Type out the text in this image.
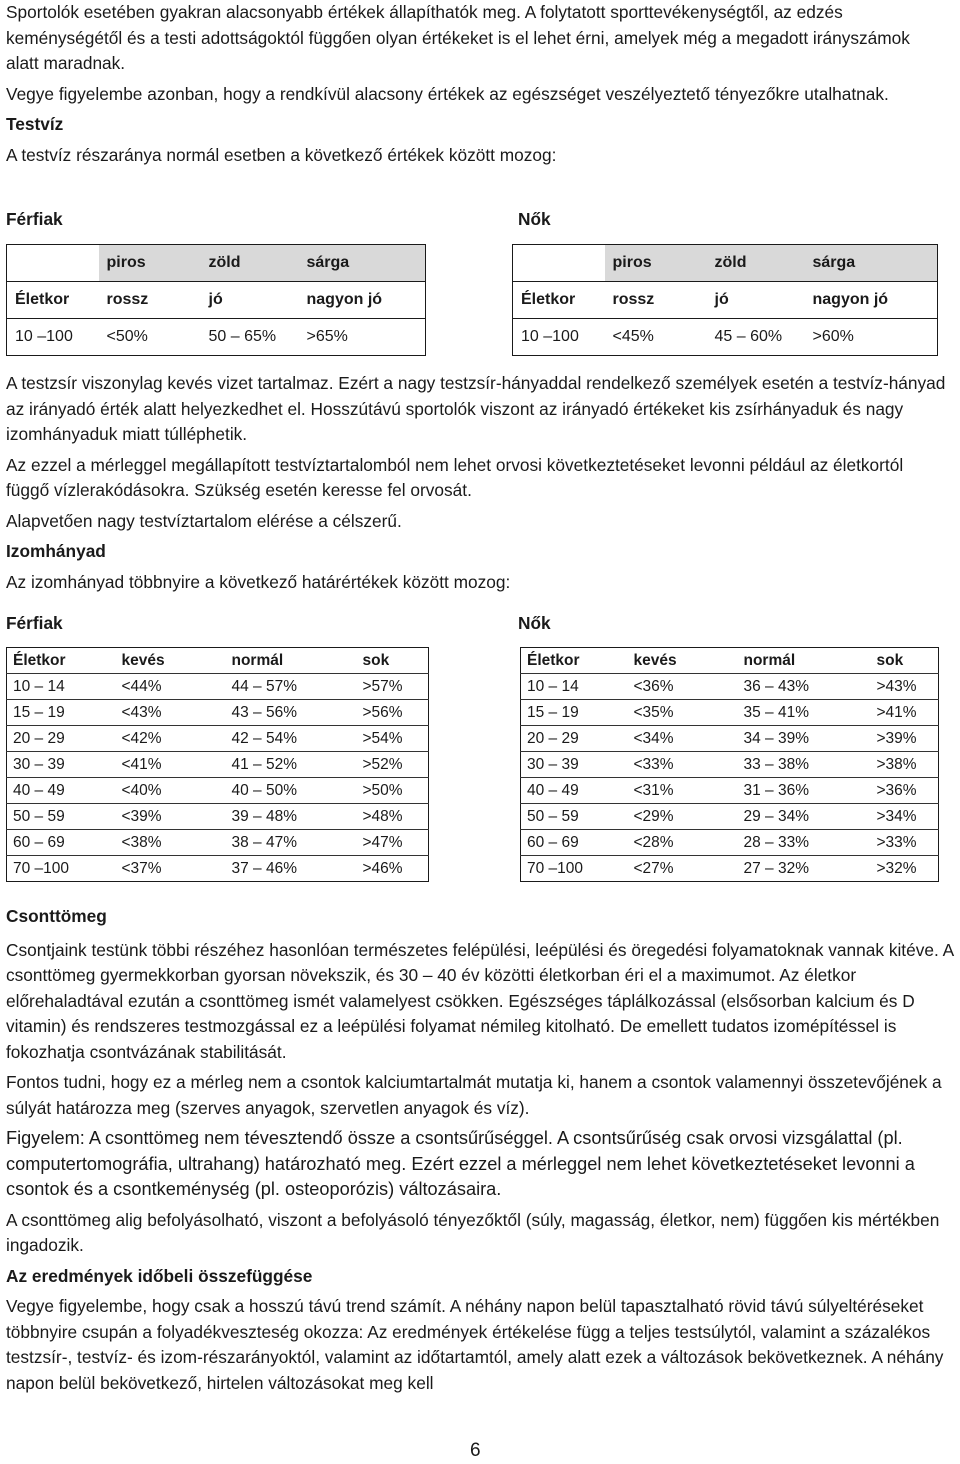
Sportolók esetében gyakran alacsonyabb értékek állapíthatók meg. A folytatott sporttevékenységtől, az edzés keménységétől és a testi adottságoktól függően olyan értékeket is el lehet érni, amelyek még a megadott irányszámok alatt maradnak.

Vegye figyelembe azonban, hogy a rendkívül alacsony értékek az egészséget veszélyeztető tényezőkre utalhatnak.

Testvíz

A testvíz részaránya normál esetben a következő értékek között mozog:

Férfiak	Nők
	piros	zöld	sárga
Életkor	rossz	jó	nagyon jó
10 –100	<50%	50 – 65%	>65%
	piros	zöld	sárga
Életkor	rossz	jó	nagyon jó
10 –100	<45%	45 – 60%	>60%

A testzsír viszonylag kevés vizet tartalmaz. Ezért a nagy testzsír-hányaddal rendelkező személyek esetén a testvíz-hányad az irányadó érték alatt helyezkedhet el. Hosszútávú sportolók viszont az irányadó értékeket kis zsírhányaduk és nagy izomhányaduk miatt túlléphetik.

Az ezzel a mérleggel megállapított testvíztartalomból nem lehet orvosi következtetéseket levonni például az életkortól függő vízlerakódásokra. Szükség esetén keresse fel orvosát.

Alapvetően nagy testvíztartalom elérése a célszerű.

Izomhányad

Az izomhányad többnyire a következő határértékek között mozog:

Férfiak	Nők
Életkor	kevés	normál	sok
10 – 14	<44%	44 – 57%	>57%
15 – 19	<43%	43 – 56%	>56%
20 – 29	<42%	42 – 54%	>54%
30 – 39	<41%	41 – 52%	>52%
40 – 49	<40%	40 – 50%	>50%
50 – 59	<39%	39 – 48%	>48%
60 – 69	<38%	38 – 47%	>47%
70 –100	<37%	37 – 46%	>46%
Életkor	kevés	normál	sok
10 – 14	<36%	36 – 43%	>43%
15 – 19	<35%	35 – 41%	>41%
20 – 29	<34%	34 – 39%	>39%
30 – 39	<33%	33 – 38%	>38%
40 – 49	<31%	31 – 36%	>36%
50 – 59	<29%	29 – 34%	>34%
60 – 69	<28%	28 – 33%	>33%
70 –100	<27%	27 – 32%	>32%

Csonttömeg

Csontjaink testünk többi részéhez hasonlóan természetes felépülési, leépülési és öregedési folyamatoknak vannak kitéve. A csonttömeg gyermekkorban gyorsan növekszik, és 30 – 40 év közötti életkorban éri el a maximumot. Az életkor előrehaladtával ezután a csonttömeg ismét valamelyest csökken. Egészséges táplálkozással (elsősorban kalcium és D vitamin) és rendszeres testmozgással ez a leépülési folyamat némileg kitolható. De emellett tudatos izomépítéssel is fokozhatja csontvázának stabilitását.

Fontos tudni, hogy ez a mérleg nem a csontok kalciumtartalmát mutatja ki, hanem a csontok valamennyi összetevőjének a súlyát határozza meg (szerves anyagok, szervetlen anyagok és víz).

Figyelem: A csonttömeg nem tévesztendő össze a csontsűrűséggel. A csontsűrűség csak orvosi vizsgálattal (pl. computertomográfia, ultrahang) határozható meg. Ezért ezzel a mérleggel nem lehet következtetéseket levonni a csontok és a csontkeménység (pl. osteoporózis) változásaira.

A csonttömeg alig befolyásolható, viszont a befolyásoló tényezőktől (súly, magasság, életkor, nem) függően kis mértékben ingadozik.

Az eredmények időbeli összefüggése

Vegye figyelembe, hogy csak a hosszú távú trend számít. A néhány napon belül tapasztalható rövid távú súlyeltéréseket többnyire csupán a folyadékveszteség okozza: Az eredmények értékelése függ a teljes testsúlytól, valamint a százalékos testzsír-, testvíz- és izom-részarányoktól, valamint az időtartamtól, amely alatt ezek a változások bekövetkeznek. A néhány napon belül bekövetkező, hirtelen változásokat meg kell

6
